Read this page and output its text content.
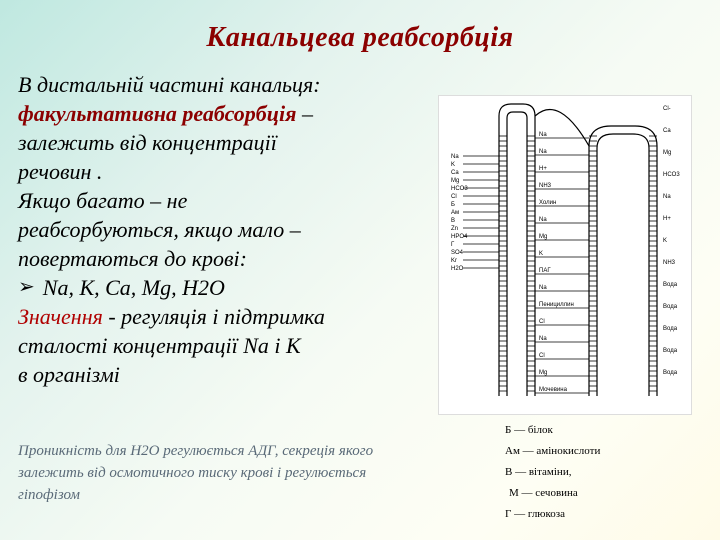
Канальцева реабсорбція
В дистальній частині канальця:
факультативна реабсорбція –
залежить від концентрації
речовин .
Якщо багато – не
реабсорбуються, якщо мало –
повертаються до крові:
➢ Na, K, Ca, Mg, H2O
Значення - регуляція і підтримка
сталості концентрації Na і K
в організмі
Проникність для H2O регулюється АДГ, секреція якого залежить від осмотичного тиску крові і регулюється гіпофізом
Na
K
Ca
Mg
HCO3
Cl
Б
Ам
В
Zn
HPO4
Г
SO4
Kr
H2O
Na
Na
H+
NH3
Холин
Na
Mg
K
ПАГ
Na
Пенициллин
Cl
Na
Cl
Mg
Мочевина
Cl-
Ca
Mg
HCO3
Na
H+
K
NH3
Вода
Вода
Вода
Вода
Вода
Б — білок
Ам — амінокислоти
В — вітаміни,
М — сечовина
Г — глюкоза
